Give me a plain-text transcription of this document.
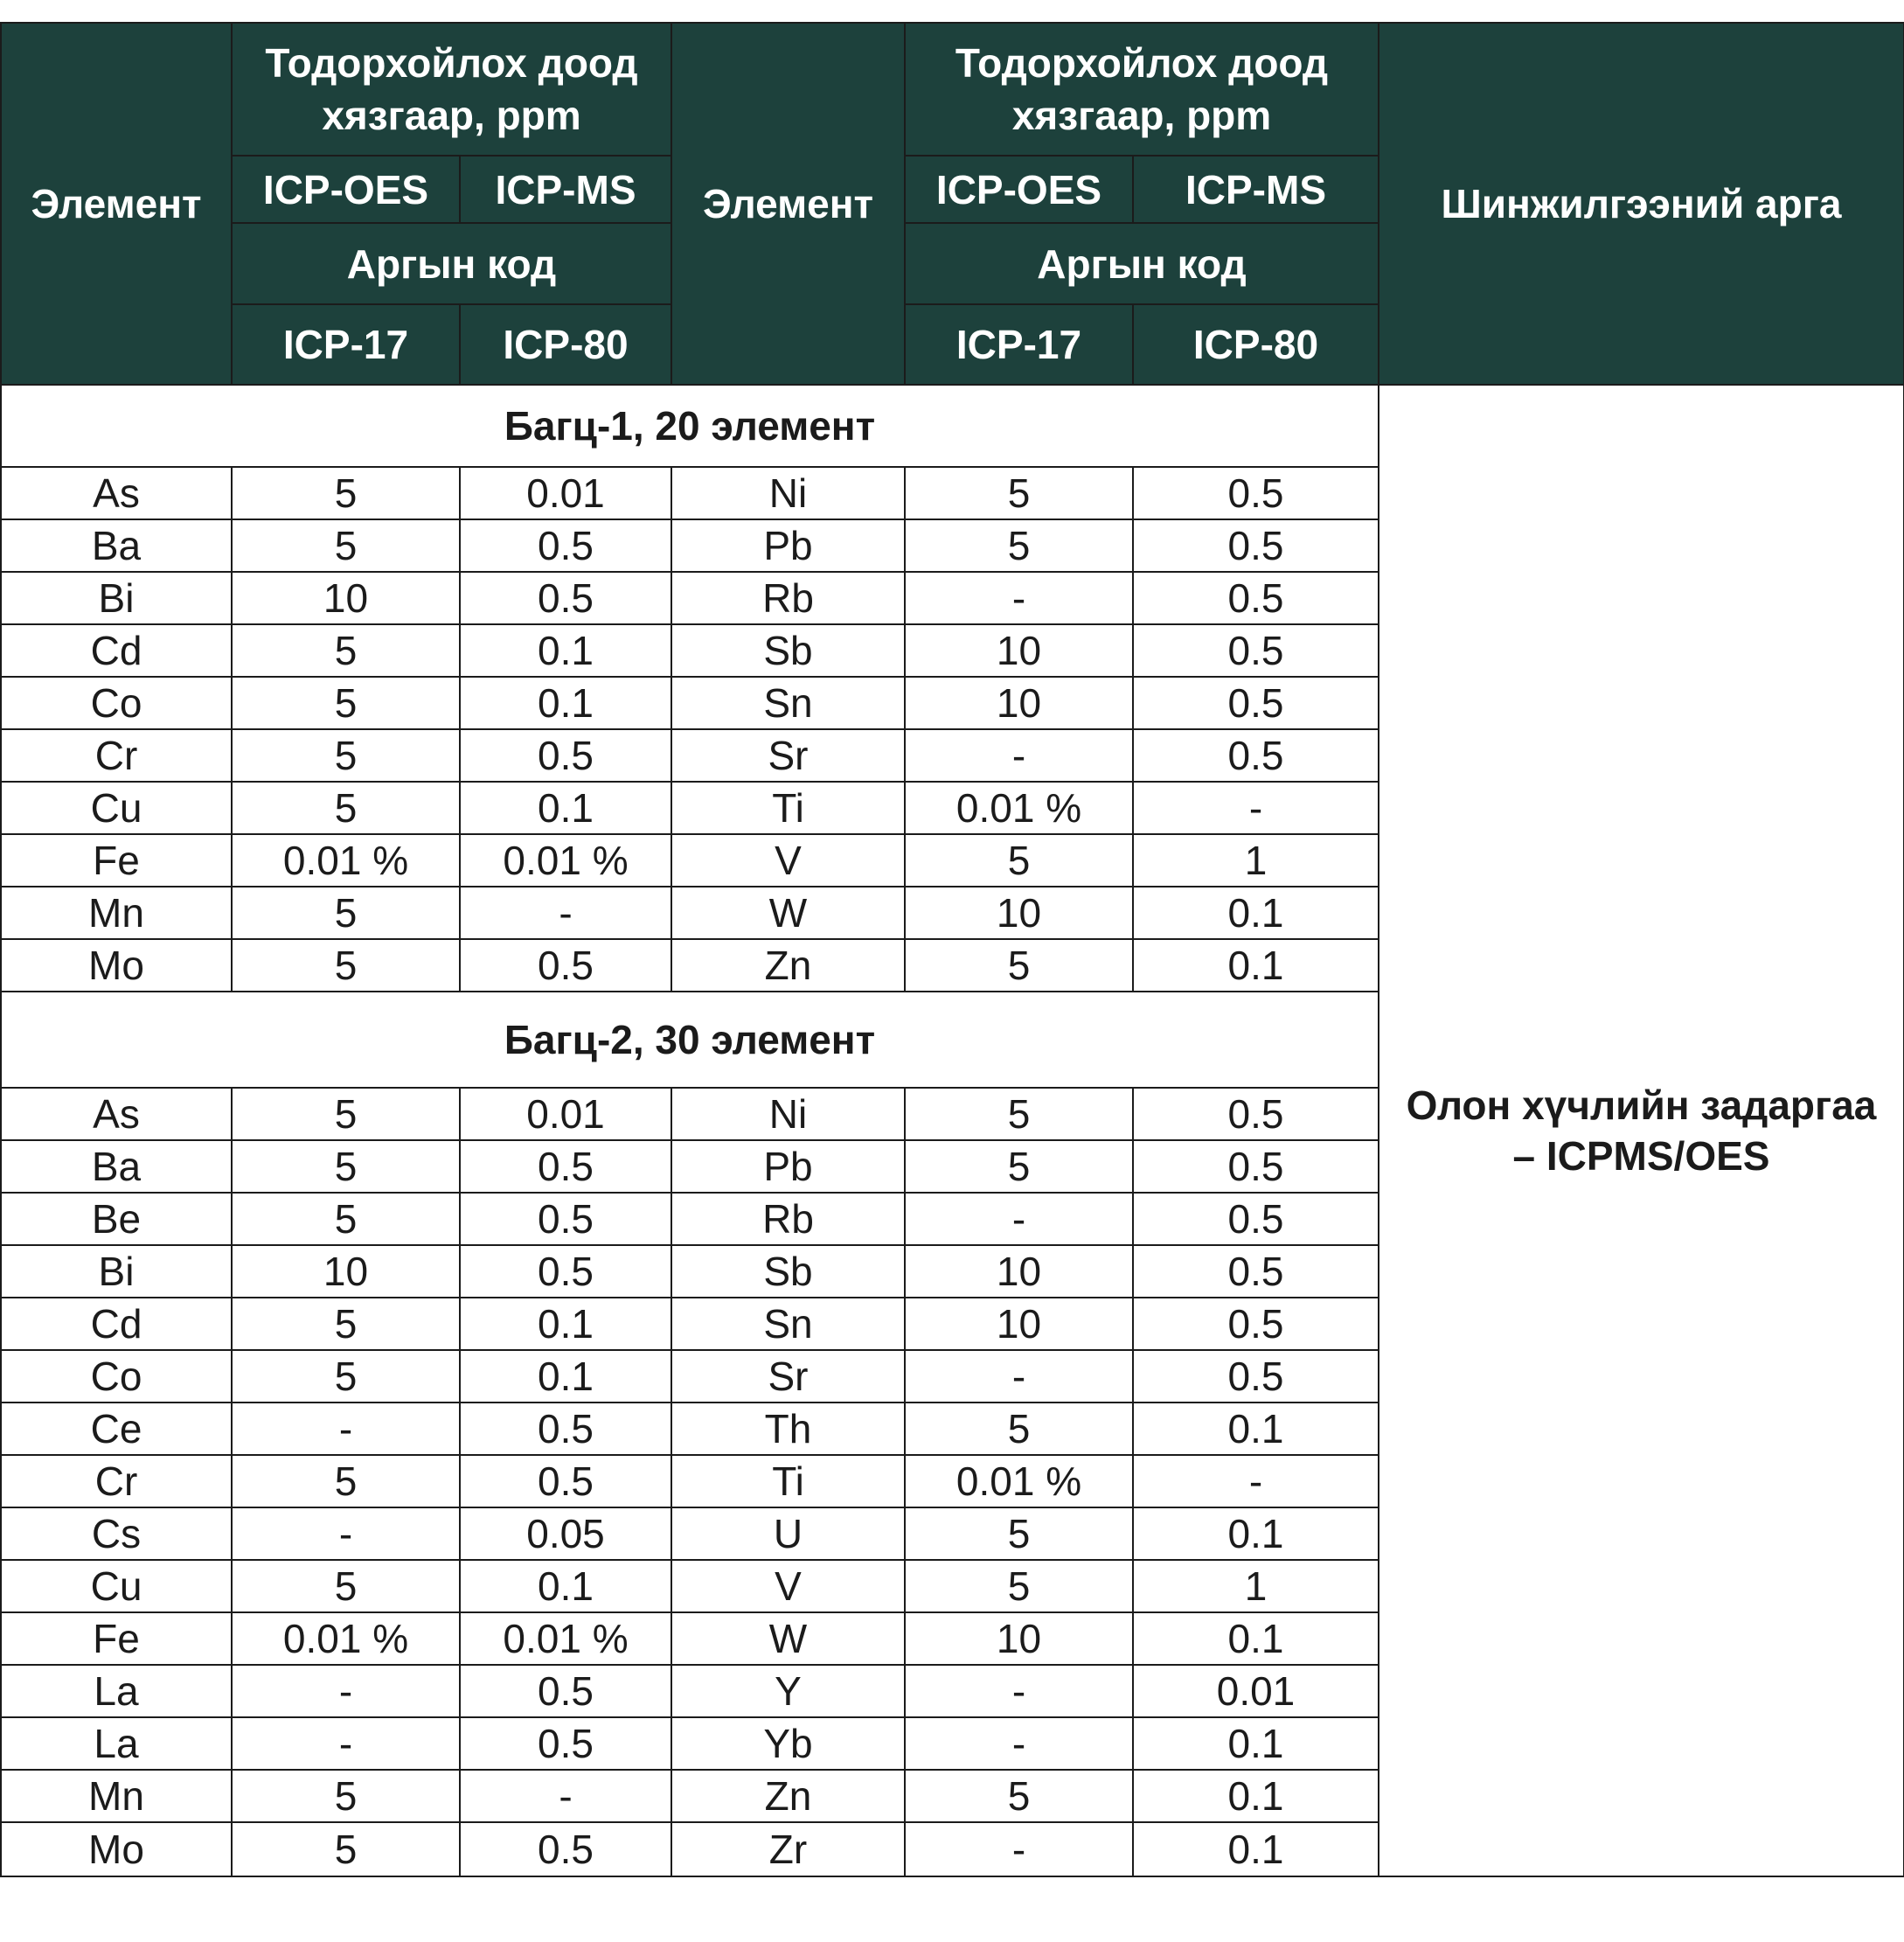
Элемент	Тодорхойлох доод хязгаар, ppm		Элемент	Тодорхойлох доод хязгаар, ppm		Шинжилгээний арга
	ICP-OES	ICP-MS		ICP-OES	ICP-MS	
	Аргын код			Аргын код		
	ICP-17	ICP-80		ICP-17	ICP-80	
Багц-1, 20 элемент						Олон хүчлийн задаргаа – ICPMS/OES
As	5	0.01	Ni	5	0.5	
Ba	5	0.5	Pb	5	0.5	
Bi	10	0.5	Rb	-	0.5	
Cd	5	0.1	Sb	10	0.5	
Co	5	0.1	Sn	10	0.5	
Cr	5	0.5	Sr	-	0.5	
Cu	5	0.1	Ti	0.01 %	-	
Fe	0.01 %	0.01 %	V	5	1	
Mn	5	-	W	10	0.1	
Mo	5	0.5	Zn	5	0.1	
Багц-2, 30 элемент						
As	5	0.01	Ni	5	0.5	
Ba	5	0.5	Pb	5	0.5	
Be	5	0.5	Rb	-	0.5	
Bi	10	0.5	Sb	10	0.5	
Cd	5	0.1	Sn	10	0.5	
Co	5	0.1	Sr	-	0.5	
Ce	-	0.5	Th	5	0.1	
Cr	5	0.5	Ti	0.01 %	-	
Cs	-	0.05	U	5	0.1	
Cu	5	0.1	V	5	1	
Fe	0.01 %	0.01 %	W	10	0.1	
La	-	0.5	Y	-	0.01	
La	-	0.5	Yb	-	0.1	
Mn	5	-	Zn	5	0.1	
Mo	5	0.5	Zr	-	0.1	
